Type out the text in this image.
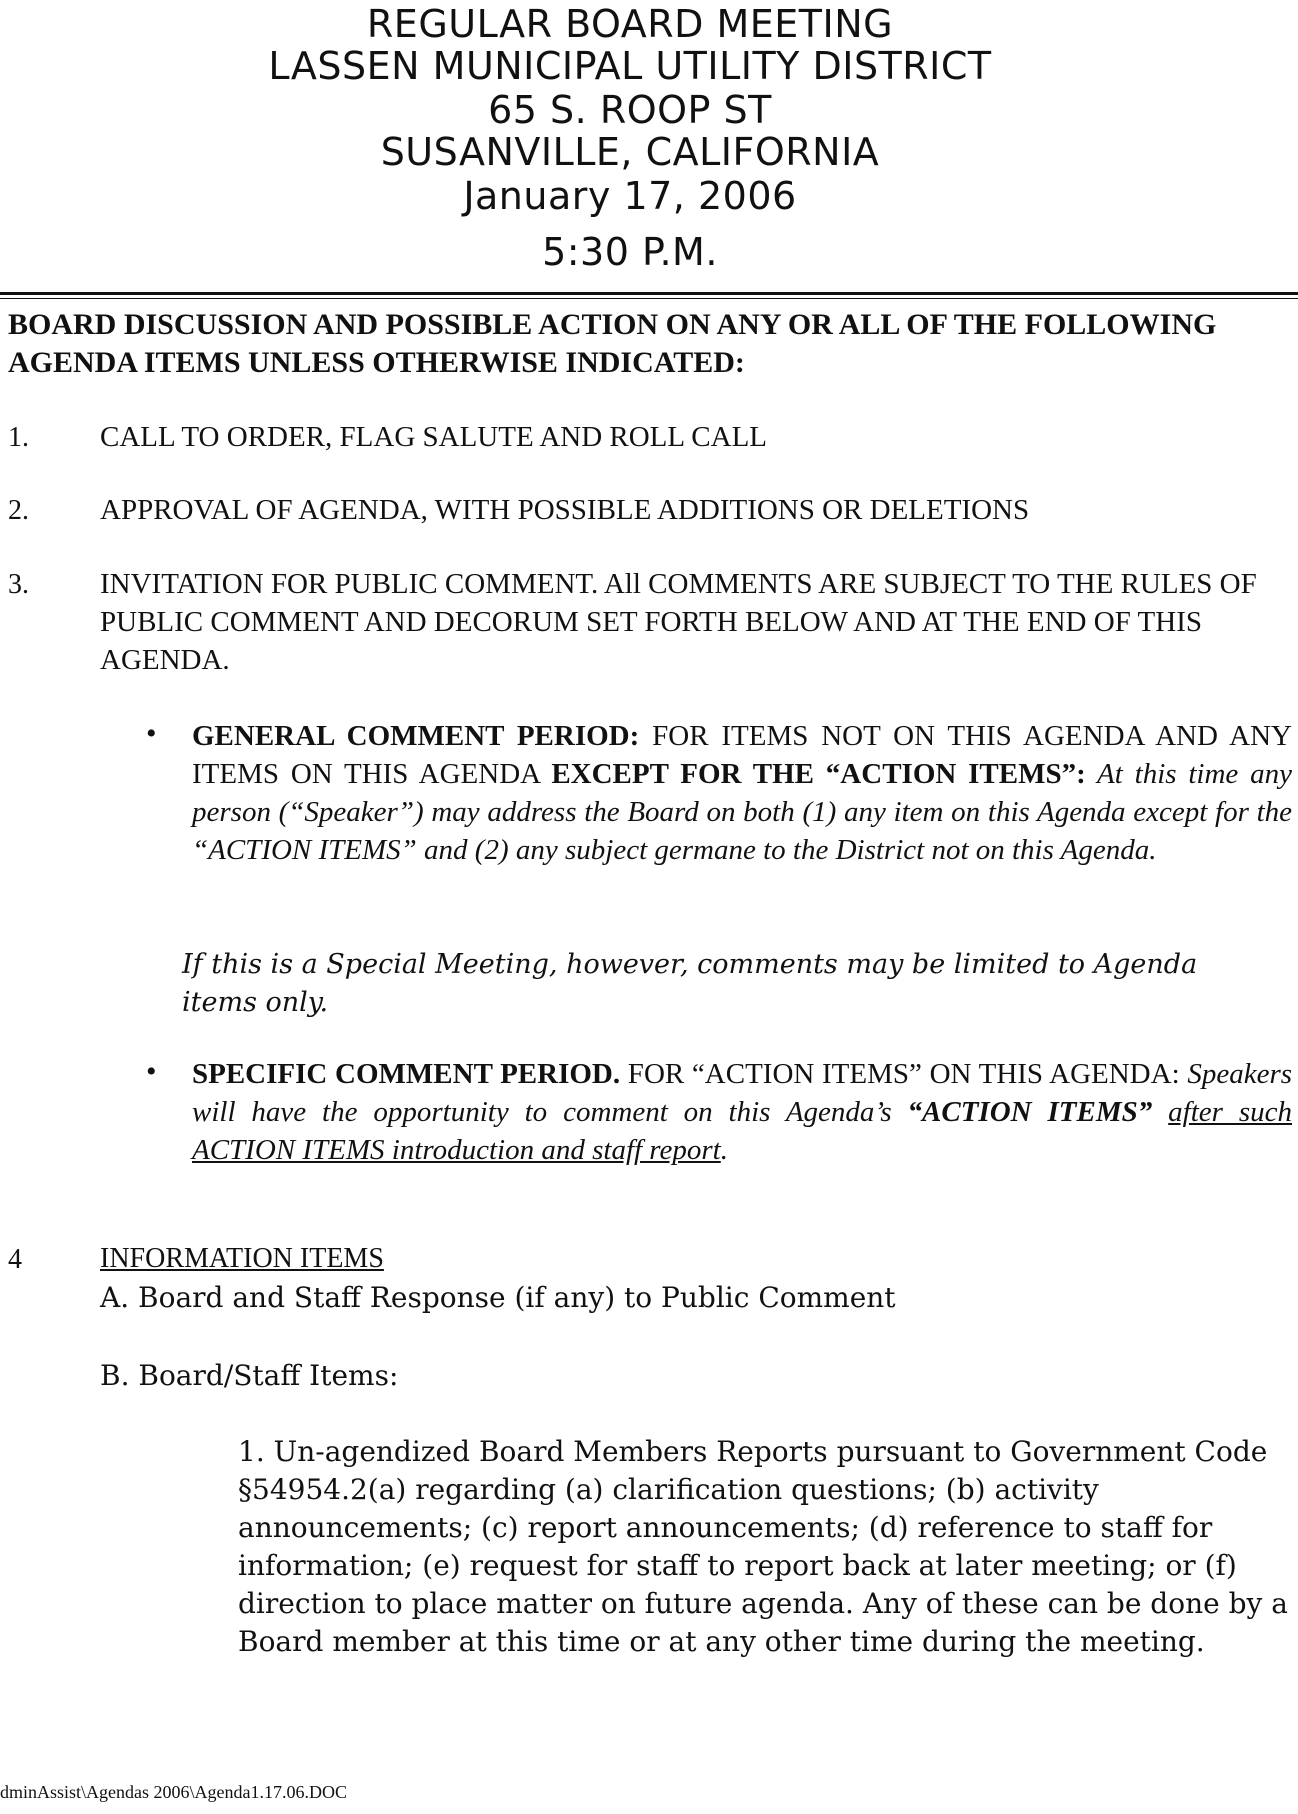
REGULAR BOARD MEETING
LASSEN MUNICIPAL UTILITY DISTRICT
65 S. ROOP ST
SUSANVILLE, CALIFORNIA
January 17, 2006
5:30 P.M.
BOARD DISCUSSION AND POSSIBLE ACTION ON ANY OR ALL OF THE FOLLOWING AGENDA ITEMS UNLESS OTHERWISE INDICATED:
1. CALL TO ORDER, FLAG SALUTE AND ROLL CALL
2. APPROVAL OF AGENDA, WITH POSSIBLE ADDITIONS OR DELETIONS
3. INVITATION FOR PUBLIC COMMENT. All COMMENTS ARE SUBJECT TO THE RULES OF PUBLIC COMMENT AND DECORUM SET FORTH BELOW AND AT THE END OF THIS AGENDA.
• GENERAL COMMENT PERIOD: FOR ITEMS NOT ON THIS AGENDA AND ANY ITEMS ON THIS AGENDA EXCEPT FOR THE “ACTION ITEMS”: At this time any person (“Speaker”) may address the Board on both (1) any item on this Agenda except for the “ACTION ITEMS” and (2) any subject germane to the District not on this Agenda.
If this is a Special Meeting, however, comments may be limited to Agenda items only.
• SPECIFIC COMMENT PERIOD. FOR “ACTION ITEMS” ON THIS AGENDA: Speakers will have the opportunity to comment on this Agenda’s “ACTION ITEMS” after such ACTION ITEMS introduction and staff report.
4	INFORMATION ITEMS
A. Board and Staff Response (if any) to Public Comment
B. Board/Staff Items:
1. Un-agendized Board Members Reports pursuant to Government Code §54954.2(a) regarding (a) clarification questions; (b) activity announcements; (c) report announcements; (d) reference to staff for information; (e) request for staff to report back at later meeting; or (f) direction to place matter on future agenda. Any of these can be done by a Board member at this time or at any other time during the meeting.
dminAssist\Agendas 2006\Agenda1.17.06.DOC
